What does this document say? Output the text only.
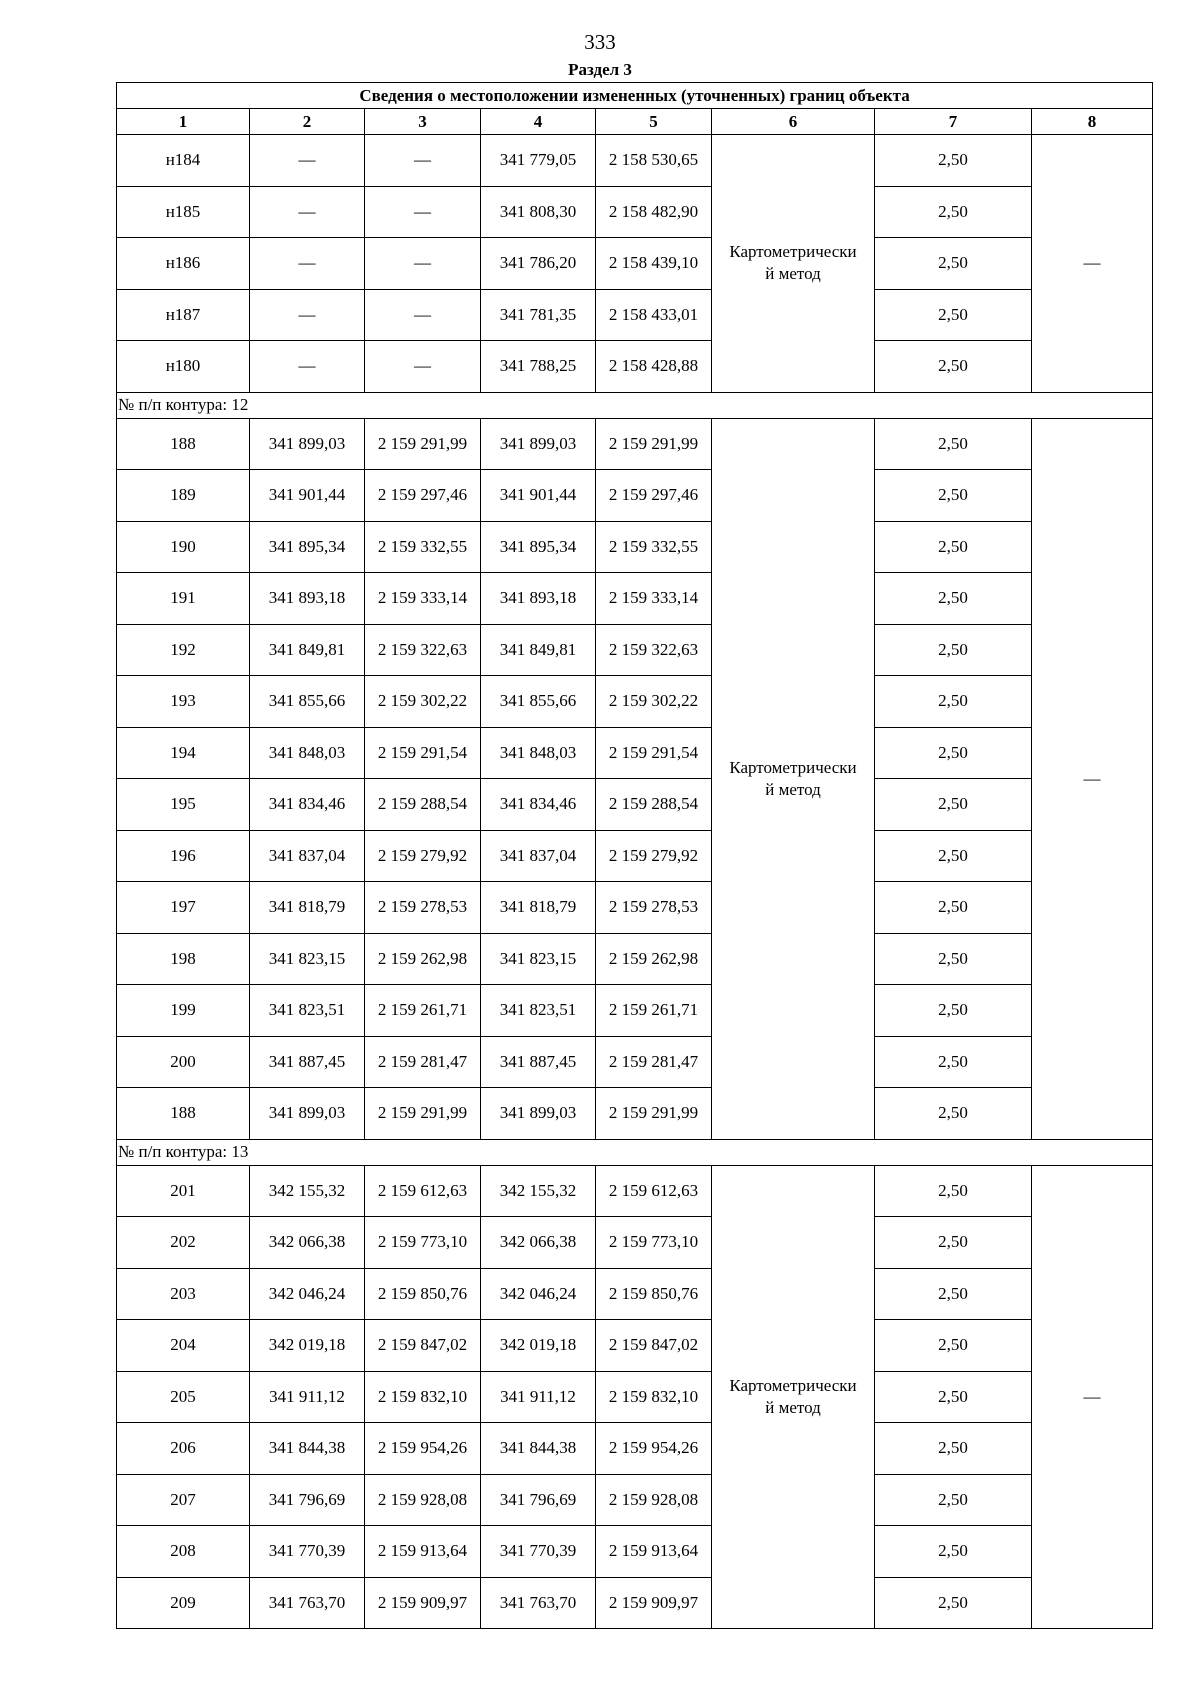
333
Раздел 3
Сведения о местоположении измененных (уточненных) границ объекта							
1	2	3	4	5	6	7	8
н184	—	—	341 779,05	2 158 530,65	Картометрически
й метод	2,50	—
н185	—	—	341 808,30	2 158 482,90		2,50	
н186	—	—	341 786,20	2 158 439,10		2,50	
н187	—	—	341 781,35	2 158 433,01		2,50	
н180	—	—	341 788,25	2 158 428,88		2,50	
№ п/п контура: 12							
188	341 899,03	2 159 291,99	341 899,03	2 159 291,99	Картометрически
й метод	2,50	—
189	341 901,44	2 159 297,46	341 901,44	2 159 297,46		2,50	
190	341 895,34	2 159 332,55	341 895,34	2 159 332,55		2,50	
191	341 893,18	2 159 333,14	341 893,18	2 159 333,14		2,50	
192	341 849,81	2 159 322,63	341 849,81	2 159 322,63		2,50	
193	341 855,66	2 159 302,22	341 855,66	2 159 302,22		2,50	
194	341 848,03	2 159 291,54	341 848,03	2 159 291,54		2,50	
195	341 834,46	2 159 288,54	341 834,46	2 159 288,54		2,50	
196	341 837,04	2 159 279,92	341 837,04	2 159 279,92		2,50	
197	341 818,79	2 159 278,53	341 818,79	2 159 278,53		2,50	
198	341 823,15	2 159 262,98	341 823,15	2 159 262,98		2,50	
199	341 823,51	2 159 261,71	341 823,51	2 159 261,71		2,50	
200	341 887,45	2 159 281,47	341 887,45	2 159 281,47		2,50	
188	341 899,03	2 159 291,99	341 899,03	2 159 291,99		2,50	
№ п/п контура: 13							
201	342 155,32	2 159 612,63	342 155,32	2 159 612,63	Картометрически
й метод	2,50	—
202	342 066,38	2 159 773,10	342 066,38	2 159 773,10		2,50	
203	342 046,24	2 159 850,76	342 046,24	2 159 850,76		2,50	
204	342 019,18	2 159 847,02	342 019,18	2 159 847,02		2,50	
205	341 911,12	2 159 832,10	341 911,12	2 159 832,10		2,50	
206	341 844,38	2 159 954,26	341 844,38	2 159 954,26		2,50	
207	341 796,69	2 159 928,08	341 796,69	2 159 928,08		2,50	
208	341 770,39	2 159 913,64	341 770,39	2 159 913,64		2,50	
209	341 763,70	2 159 909,97	341 763,70	2 159 909,97		2,50	
